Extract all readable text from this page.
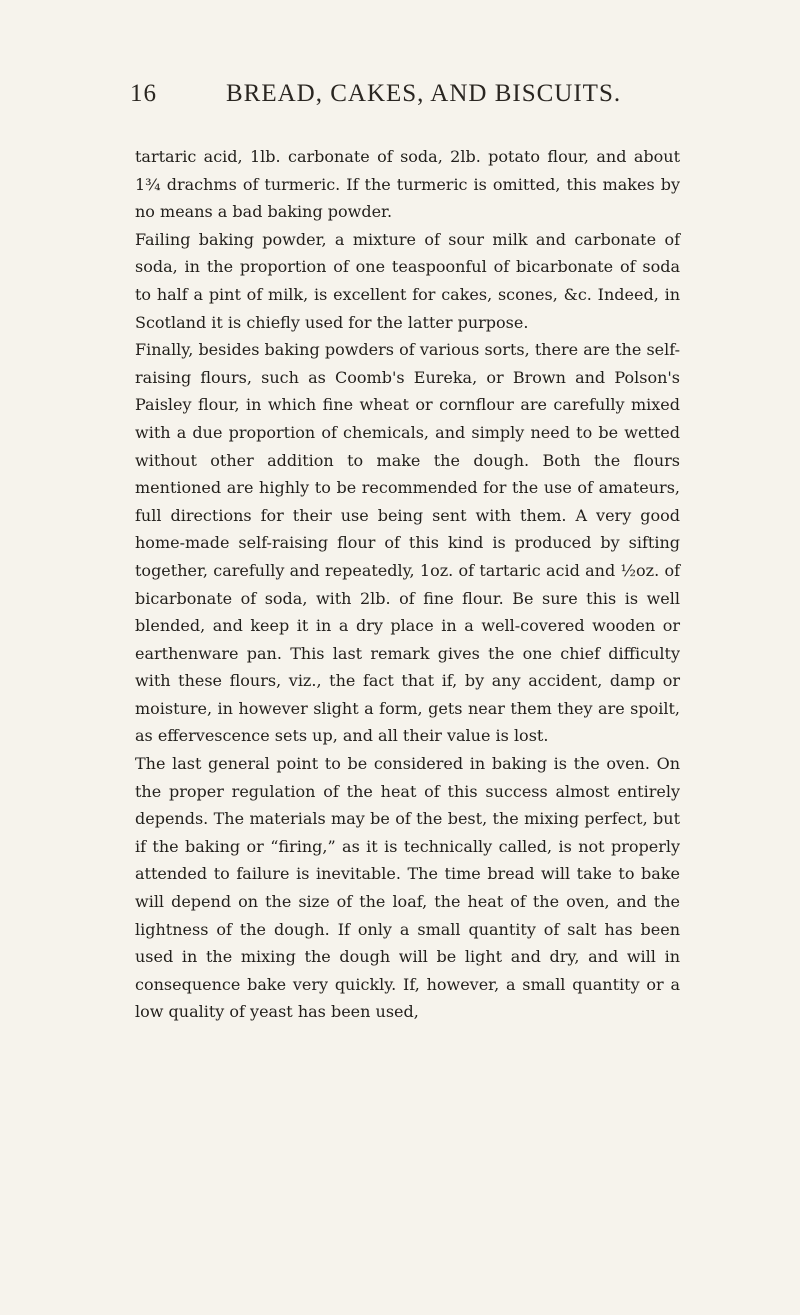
16	BREAD, CAKES, AND BISCUITS.

tartaric acid, 1lb. carbonate of soda, 2lb. potato flour, and about 1¾ drachms of turmeric. If the turmeric is omitted, this makes by no means a bad baking powder.

Failing baking powder, a mixture of sour milk and carbonate of soda, in the proportion of one teaspoonful of bicarbonate of soda to half a pint of milk, is excellent for cakes, scones, &c. Indeed, in Scotland it is chiefly used for the latter purpose.

Finally, besides baking powders of various sorts, there are the self-raising flours, such as Coomb's Eureka, or Brown and Polson's Paisley flour, in which fine wheat or cornflour are carefully mixed with a due proportion of chemicals, and simply need to be wetted without other addition to make the dough. Both the flours mentioned are highly to be recommended for the use of amateurs, full directions for their use being sent with them. A very good home-made self-raising flour of this kind is produced by sifting together, carefully and repeatedly, 1oz. of tartaric acid and ½oz. of bicarbonate of soda, with 2lb. of fine flour. Be sure this is well blended, and keep it in a dry place in a well-covered wooden or earthenware pan. This last remark gives the one chief difficulty with these flours, viz., the fact that if, by any accident, damp or moisture, in however slight a form, gets near them they are spoilt, as effervescence sets up, and all their value is lost.

The last general point to be considered in baking is the oven. On the proper regulation of the heat of this success almost entirely depends. The materials may be of the best, the mixing perfect, but if the baking or “firing,” as it is technically called, is not properly attended to failure is inevitable. The time bread will take to bake will depend on the size of the loaf, the heat of the oven, and the lightness of the dough. If only a small quantity of salt has been used in the mixing the dough will be light and dry, and will in consequence bake very quickly. If, however, a small quantity or a low quality of yeast has been used,
